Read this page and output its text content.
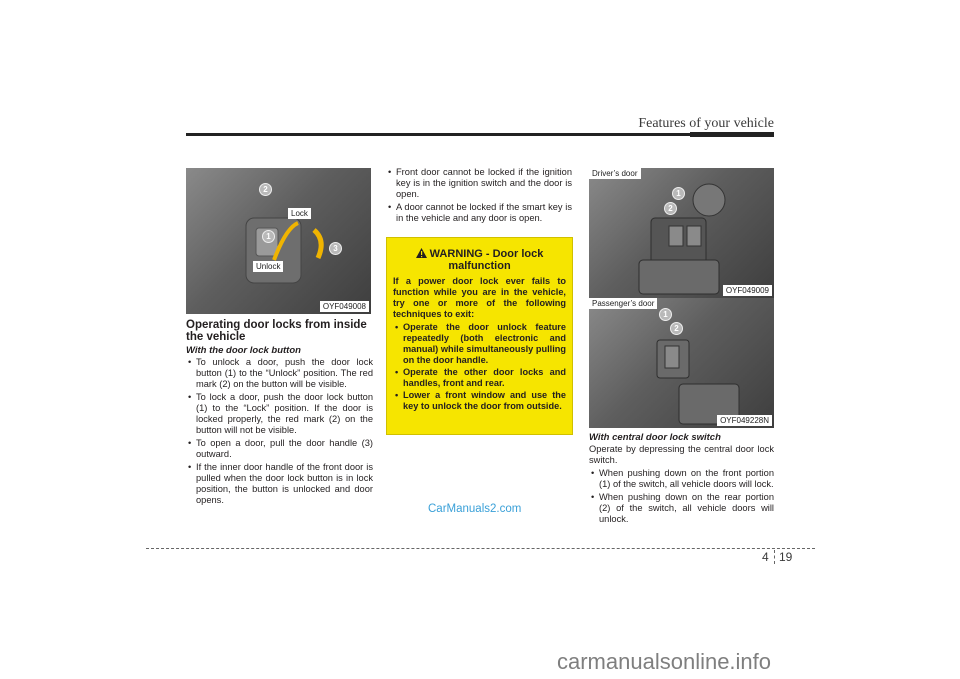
Features of your vehicle
2
1
3
Lock
Unlock
OYF049008
Operating door locks from inside the vehicle
With the door lock button
• To unlock a door, push the door lock button (1) to the “Unlock” position. The red mark (2) on the button will be visible.
• To lock a door, push the door lock button (1) to the “Lock” position. If the door is locked properly, the red mark (2) on the button will not be visible.
• To open a door, pull the door handle (3) outward.
• If the inner door handle of the front door is pulled when the door lock button is in lock position, the button is unlocked and door opens.
• Front door cannot be locked if the ignition key is in the ignition switch and the door is open.
• A door cannot be locked if the smart key is in the vehicle and any door is open.
WARNING - Door lock malfunction
If a power door lock ever fails to function while you are in the vehicle, try one or more of the following techniques to exit:
• Operate the door unlock feature repeatedly (both electronic and manual) while simultaneously pulling on the door handle.
• Operate the other door locks and handles, front and rear.
• Lower a front window and use the key to unlock the door from outside.
Driver’s door
1
2
OYF049009
Passenger’s door
1
2
OYF049228N
With central door lock switch
Operate by depressing the central door lock switch.
• When pushing down on the front portion (1) of the switch, all vehicle doors will lock.
• When pushing down on the rear portion (2) of the switch, all vehicle doors will unlock.
CarManuals2.com
4 19
carmanualsonline.info
